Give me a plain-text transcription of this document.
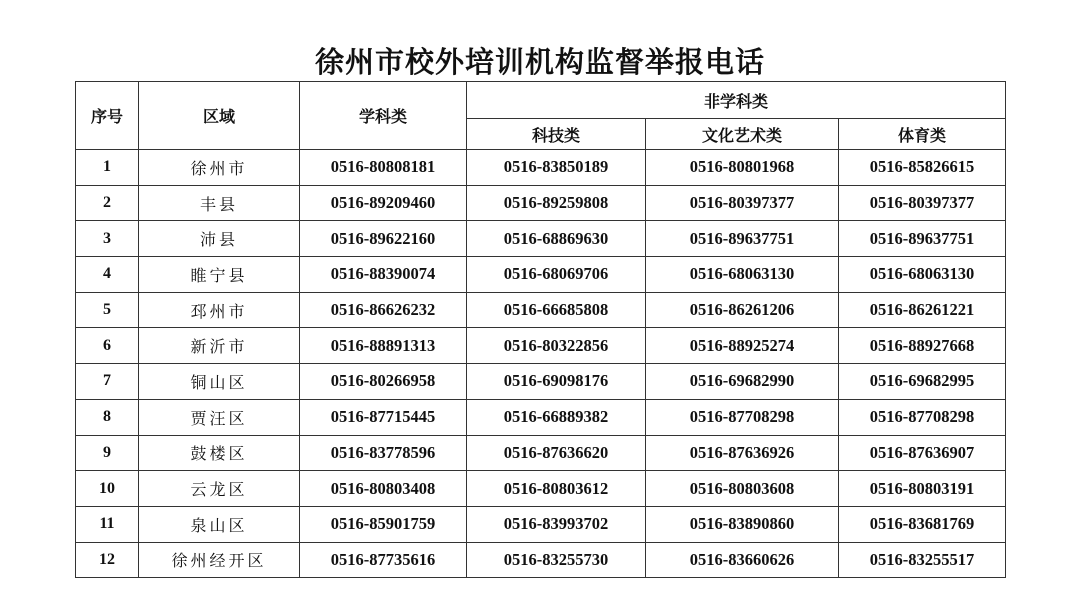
徐州市校外培训机构监督举报电话
序号	区域	学科类	非学科类		
			科技类	文化艺术类	体育类
1	徐州市	0516-80808181	0516-83850189	0516-80801968	0516-85826615
2	丰县	0516-89209460	0516-89259808	0516-80397377	0516-80397377
3	沛县	0516-89622160	0516-68869630	0516-89637751	0516-89637751
4	睢宁县	0516-88390074	0516-68069706	0516-68063130	0516-68063130
5	邳州市	0516-86626232	0516-66685808	0516-86261206	0516-86261221
6	新沂市	0516-88891313	0516-80322856	0516-88925274	0516-88927668
7	铜山区	0516-80266958	0516-69098176	0516-69682990	0516-69682995
8	贾汪区	0516-87715445	0516-66889382	0516-87708298	0516-87708298
9	鼓楼区	0516-83778596	0516-87636620	0516-87636926	0516-87636907
10	云龙区	0516-80803408	0516-80803612	0516-80803608	0516-80803191
11	泉山区	0516-85901759	0516-83993702	0516-83890860	0516-83681769
12	徐州经开区	0516-87735616	0516-83255730	0516-83660626	0516-83255517
